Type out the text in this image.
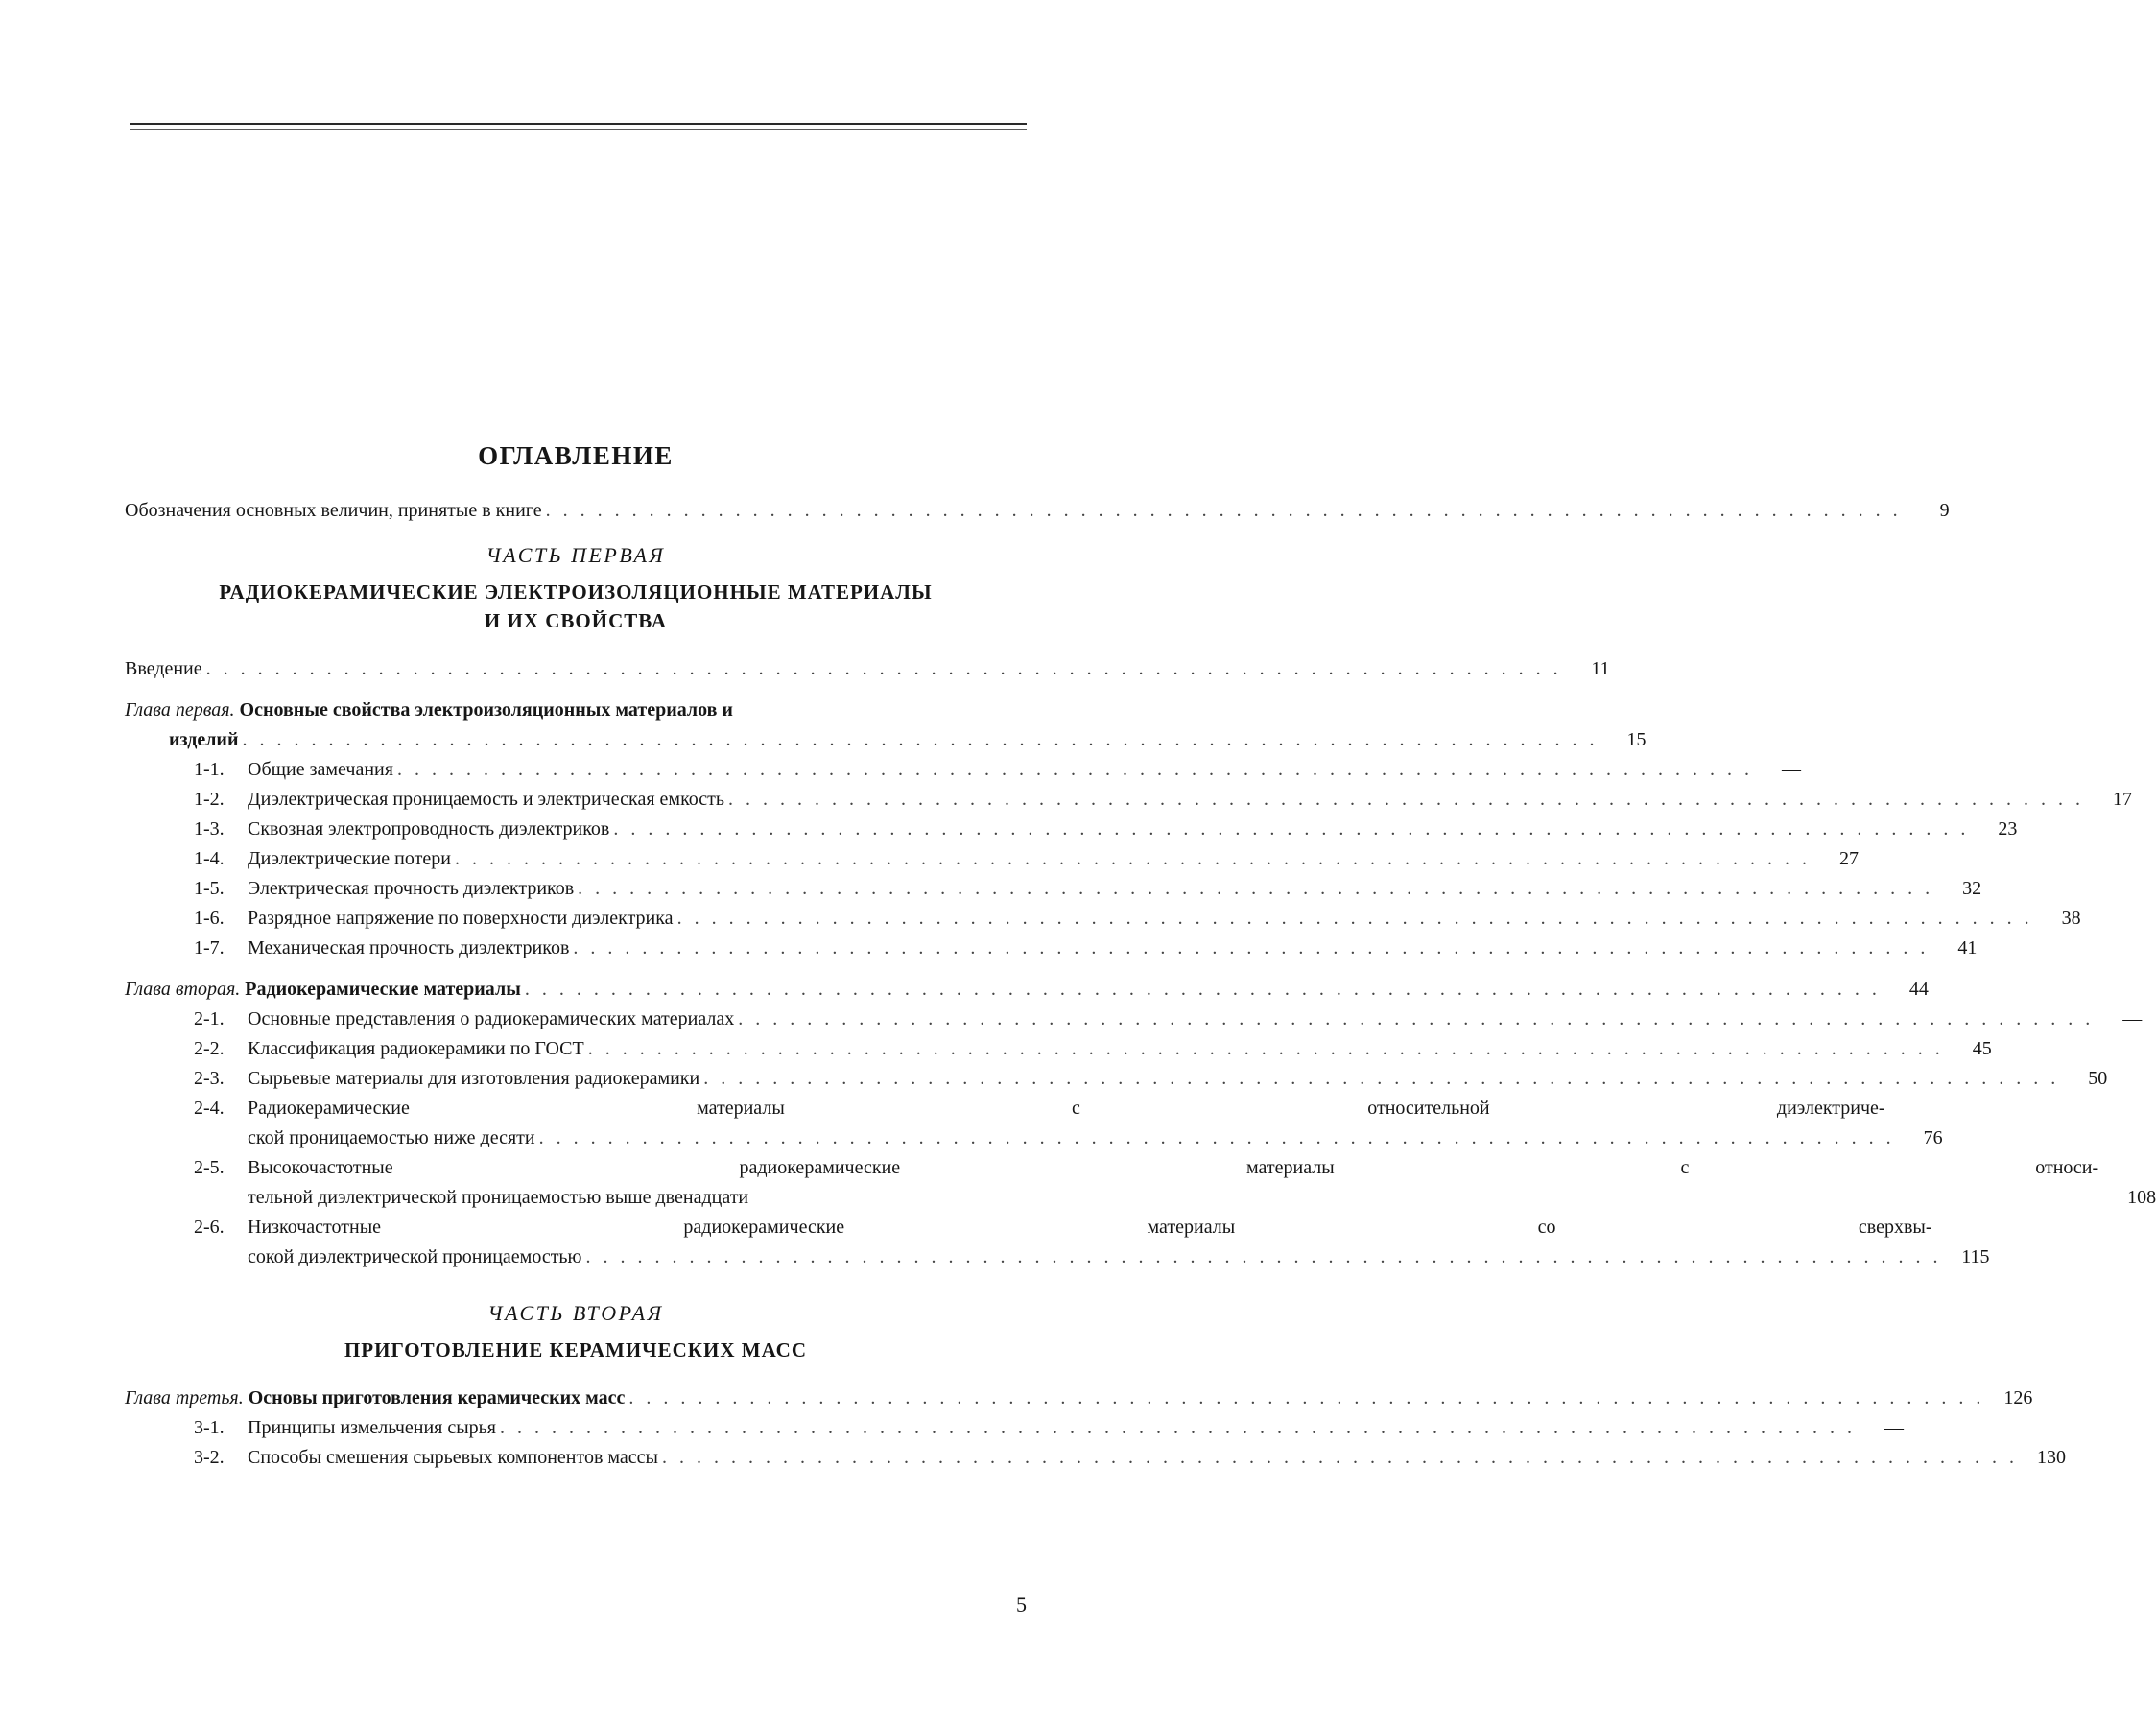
ОГЛАВЛЕНИЕ
Обозначения основных величин, принятые в книге . . .	9
ЧАСТЬ ПЕРВАЯ
РАДИОКЕРАМИЧЕСКИЕ ЭЛЕКТРОИЗОЛЯЦИОННЫЕ МАТЕРИАЛЫ
И ИХ СВОЙСТВА
Введение . . .	11
Глава первая. Основные свойства электроизоляционных материалов и
изделий . . .	15
1-1. Общие замечания . . .	—
1-2. Диэлектрическая проницаемость и электрическая емкость . . .	17
1-3. Сквозная электропроводность диэлектриков . . .	23
1-4. Диэлектрические потери . . .	27
1-5. Электрическая прочность диэлектриков . . .	32
1-6. Разрядное напряжение по поверхности диэлектрика . . .	38
1-7. Механическая прочность диэлектриков . . .	41
Глава вторая. Радиокерамические материалы . . .	44
2-1. Основные представления о радиокерамических материалах . . .	—
2-2. Классификация радиокерамики по ГОСТ . . .	45
2-3. Сырьевые материалы для изготовления радиокерамики . . .	50
2-4.	Радиокерамические материалы с относительной диэлектриче-
ской проницаемостью ниже десяти . . .	76
2-5.	Высокочастотные радиокерамические материалы с относи-
тельной диэлектрической проницаемостью выше двенадцати	108
2-6.	Низкочастотные радиокерамические материалы со сверхвы-
сокой диэлектрической проницаемостью . . .	115
ЧАСТЬ ВТОРАЯ
ПРИГОТОВЛЕНИЕ КЕРАМИЧЕСКИХ МАСС
Глава третья. Основы приготовления керамических масс . . .	126
3-1. Принципы измельчения сырья . . .	—
3-2. Способы смешения сырьевых компонентов массы . . .	130
5
